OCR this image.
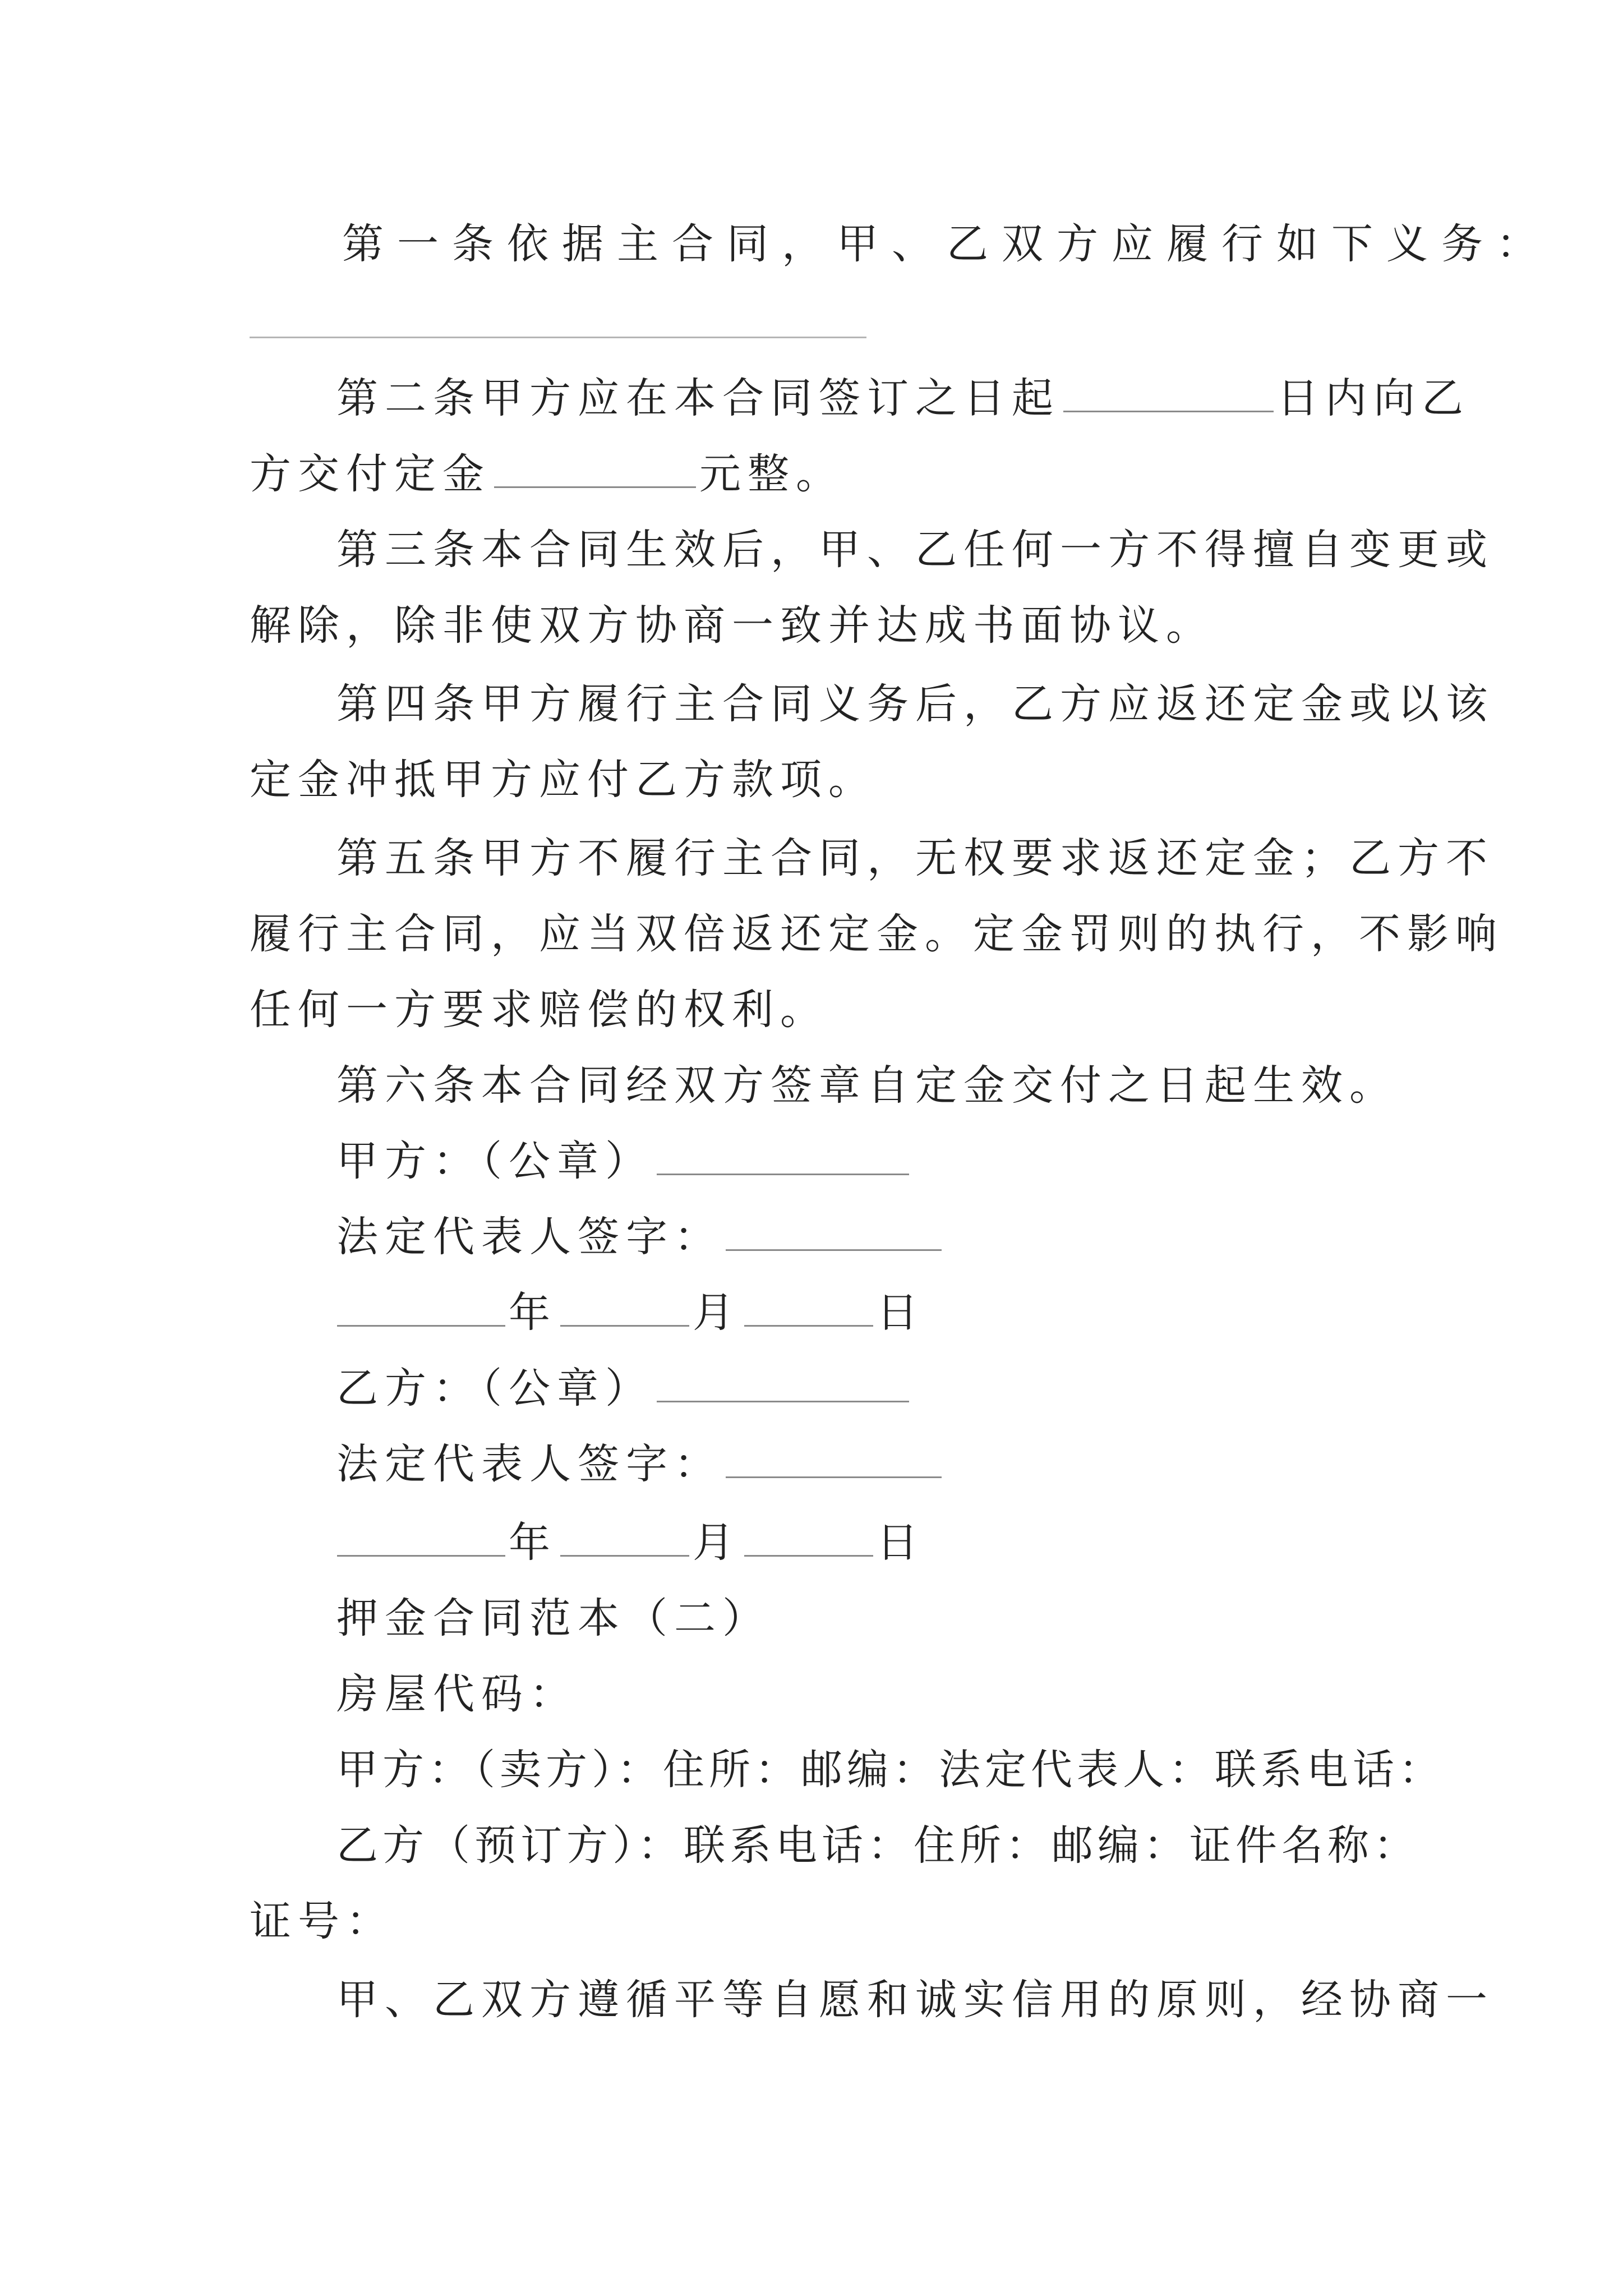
第一条依据主合同，甲、乙双方应履行如下义务：
第二条甲方应在本合同签订之日起	日内向乙
方交付定金	元整。
第三条本合同生效后，甲、乙任何一方不得擅自变更或
解除，除非使双方协商一致并达成书面协议。
第四条甲方履行主合同义务后，乙方应返还定金或以该
定金冲抵甲方应付乙方款项。
第五条甲方不履行主合同，无权要求返还定金；乙方不
履行主合同，应当双倍返还定金。定金罚则的执行，不影响
任何一方要求赔偿的权利。
第六条本合同经双方签章自定金交付之日起生效。
甲方：（公章）
法定代表人签字：
年	月	日
乙方：（公章）
法定代表人签字：
年	月	日
押金合同范本（二）
房屋代码：
甲方：（卖方）：住所：邮编：法定代表人：联系电话：
乙方（预订方）：联系电话：住所：邮编：证件名称：
证号：
甲、乙双方遵循平等自愿和诚实信用的原则，经协商一
